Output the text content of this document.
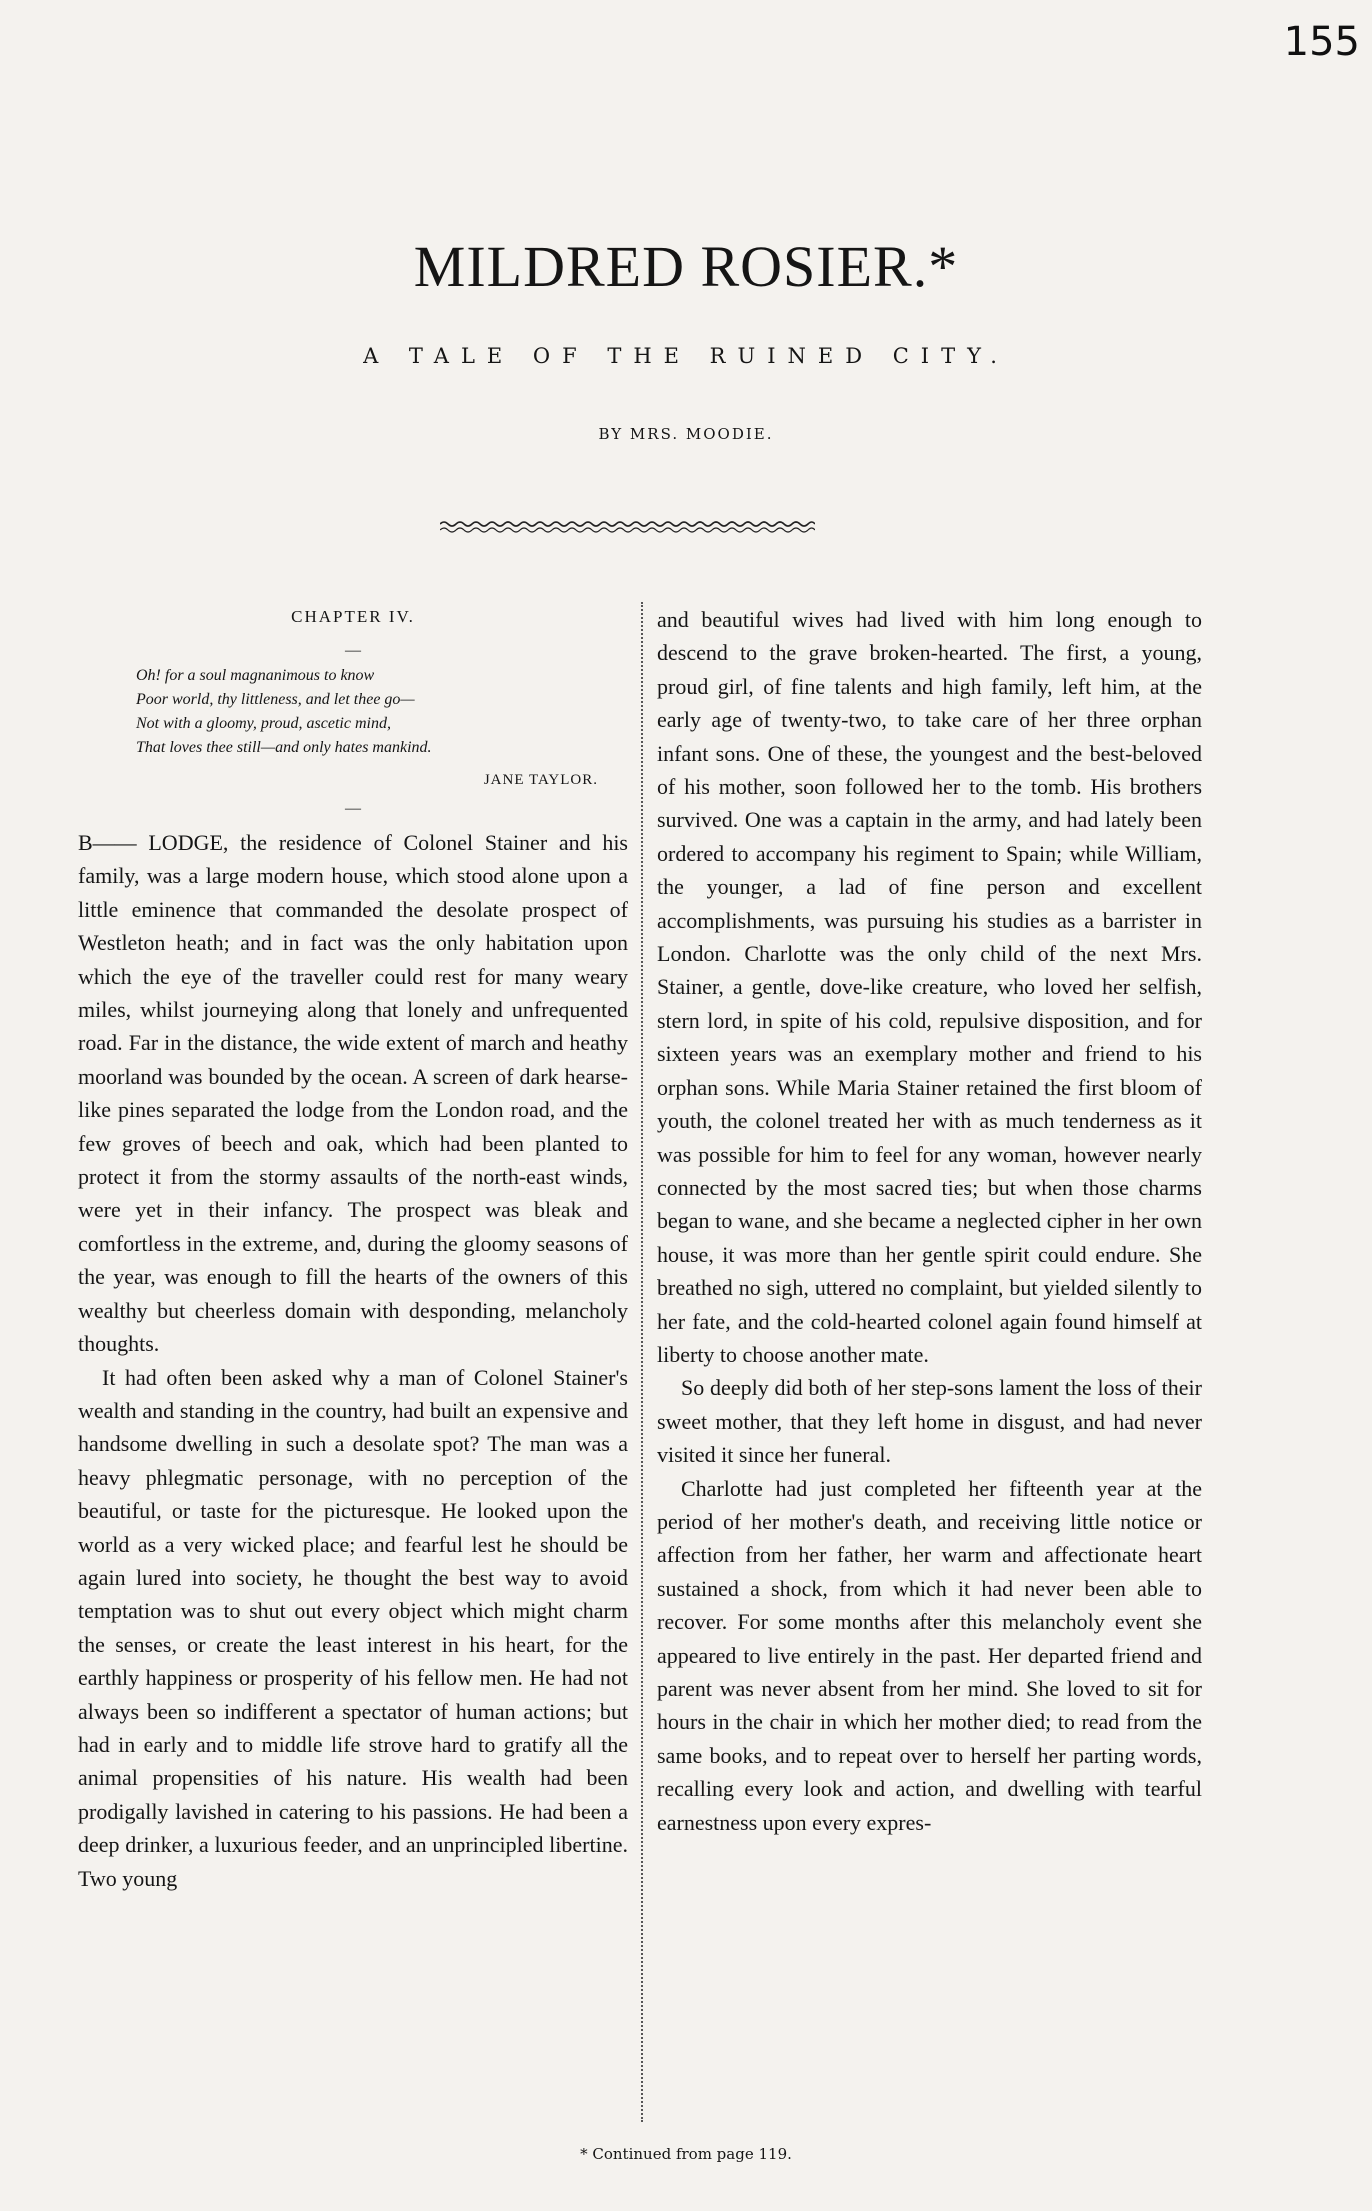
155
MILDRED ROSIER.*
A TALE OF THE RUINED CITY.
BY MRS. MOODIE.
CHAPTER IV.
—
Oh! for a soul magnanimous to know
Poor world, thy littleness, and let thee go—
Not with a gloomy, proud, ascetic mind,
That loves thee still—and only hates mankind.
JANE TAYLOR.
—

B—— LODGE, the residence of Colonel Stainer and his family, was a large modern house, which stood alone upon a little eminence that commanded the desolate prospect of Westleton heath; and in fact was the only habitation upon which the eye of the traveller could rest for many weary miles, whilst journeying along that lonely and unfrequented road. Far in the distance, the wide extent of march and heathy moorland was bounded by the ocean. A screen of dark hearse-like pines separated the lodge from the London road, and the few groves of beech and oak, which had been planted to protect it from the stormy assaults of the north-east winds, were yet in their infancy. The prospect was bleak and comfortless in the extreme, and, during the gloomy seasons of the year, was enough to fill the hearts of the owners of this wealthy but cheerless domain with desponding, melancholy thoughts.

It had often been asked why a man of Colonel Stainer's wealth and standing in the country, had built an expensive and handsome dwelling in such a desolate spot? The man was a heavy phlegmatic personage, with no perception of the beautiful, or taste for the picturesque. He looked upon the world as a very wicked place; and fearful lest he should be again lured into society, he thought the best way to avoid temptation was to shut out every object which might charm the senses, or create the least interest in his heart, for the earthly happiness or prosperity of his fellow men. He had not always been so indifferent a spectator of human actions; but had in early and to middle life strove hard to gratify all the animal propensities of his nature. His wealth had been prodigally lavished in catering to his passions. He had been a deep drinker, a luxurious feeder, and an unprincipled libertine. Two young

and beautiful wives had lived with him long enough to descend to the grave broken-hearted. The first, a young, proud girl, of fine talents and high family, left him, at the early age of twenty-two, to take care of her three orphan infant sons. One of these, the youngest and the best-beloved of his mother, soon followed her to the tomb. His brothers survived. One was a captain in the army, and had lately been ordered to accompany his regiment to Spain; while William, the younger, a lad of fine person and excellent accomplishments, was pursuing his studies as a barrister in London. Charlotte was the only child of the next Mrs. Stainer, a gentle, dove-like creature, who loved her selfish, stern lord, in spite of his cold, repulsive disposition, and for sixteen years was an exemplary mother and friend to his orphan sons. While Maria Stainer retained the first bloom of youth, the colonel treated her with as much tenderness as it was possible for him to feel for any woman, however nearly connected by the most sacred ties; but when those charms began to wane, and she became a neglected cipher in her own house, it was more than her gentle spirit could endure. She breathed no sigh, uttered no complaint, but yielded silently to her fate, and the cold-hearted colonel again found himself at liberty to choose another mate.

So deeply did both of her step-sons lament the loss of their sweet mother, that they left home in disgust, and had never visited it since her funeral.

Charlotte had just completed her fifteenth year at the period of her mother's death, and receiving little notice or affection from her father, her warm and affectionate heart sustained a shock, from which it had never been able to recover. For some months after this melancholy event she appeared to live entirely in the past. Her departed friend and parent was never absent from her mind. She loved to sit for hours in the chair in which her mother died; to read from the same books, and to repeat over to herself her parting words, recalling every look and action, and dwelling with tearful earnestness upon every expres-

* Continued from page 119.
